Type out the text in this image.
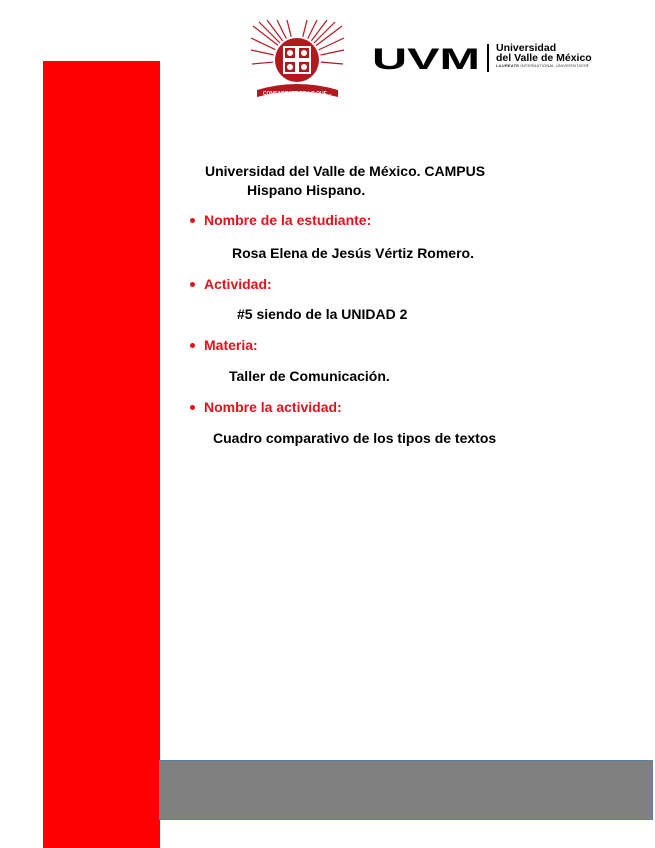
CONSAGRATE DE LO QUE...
UVM Universidad
del Valle de México
LAUREATE INTERNATIONAL UNIVERSITIES®
Universidad del Valle de México. CAMPUS
Hispano Hispano.
Nombre de la estudiante:
Rosa Elena de Jesús Vértiz Romero.
Actividad:
#5 siendo de la UNIDAD 2
Materia:
Taller de Comunicación.
Nombre la actividad:
Cuadro comparativo de los tipos de textos
